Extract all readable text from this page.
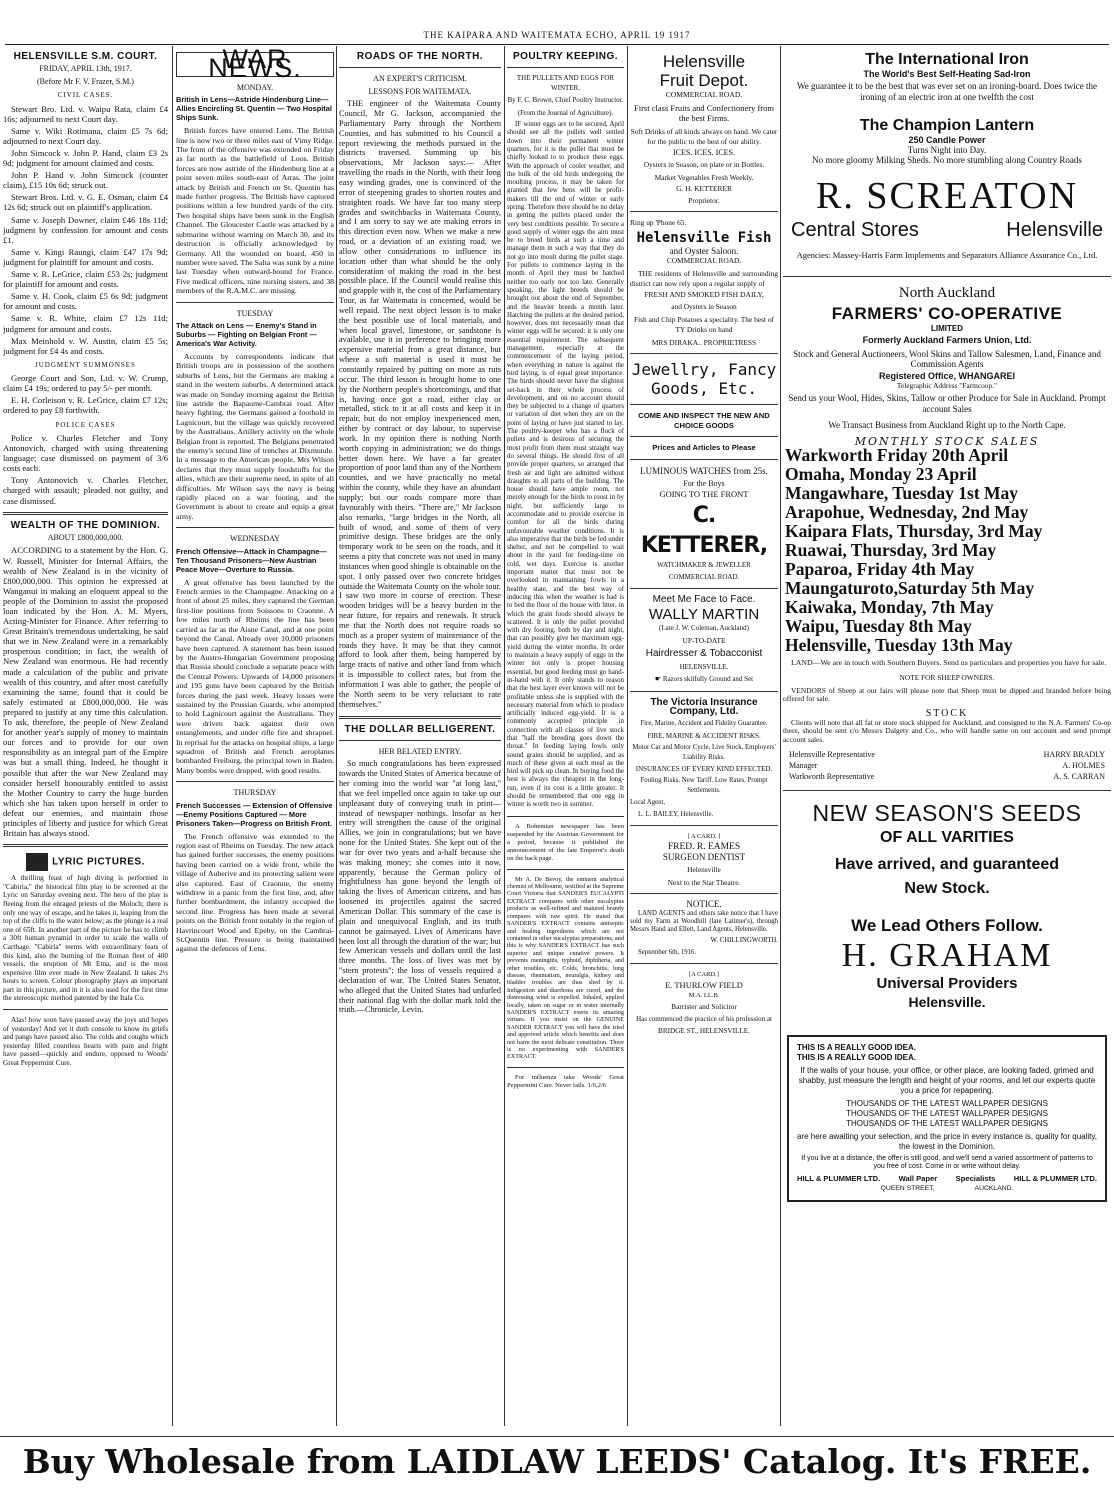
THE KAIPARA AND WAITEMATA ECHO, APRIL 19 1917
HELENSVILLE S.M. COURT.
FRIDAY, APRIL 13th, 1917.
(Before Mr F. V. Frazer, S.M.)
CIVIL CASES.

Stewart Bro. Ltd. v. Waipu Rata, claim £4 16s; adjourned to next Court day.

Same v. Wiki Rotimana, claim £5 7s 6d; adjourned to next Court day.

John Simcock v. John P. Hand, claim £3 2s 9d; judgment for amount claimed and costs.

John P. Hand v. John Simcock (counter claim), £15 10s 6d; struck out.

Stewart Bros. Ltd. v. G. E. Osman, claim £4 12s 6d; struck out on plaintiff's application.

Same v. Joseph Downer, claim £46 18s 11d; judgment by confession for amount and costs £1.

Same v. Kingi Raungi, claim £47 17s 9d; judgment for plaintiff for amount and costs.

Same v. R. LeGrice, claim £53 2s; judgment for plaintiff for amount and costs.

Same v. H. Cook, claim £5 6s 9d; judgment for amount and costs.

Same v. R. White, claim £7 12s 11d; judgment for amount and costs.

Max Meinhold v. W. Austin, claim £5 5s; judgment for £4 4s and costs.

JUDGMENT SUMMONSES

George Court and Son, Ltd. v. W. Crump, claim £4 19s; ordered to pay 5/- per month.

E. H. Corleison v. R. LeGrice, claim £7 12s; ordered to pay £8 forthwith.

POLICE CASES

Police v. Charles Fletcher and Tony Antonovich, charged with using threatening language; case dismissed on payment of 3/6 costs each.

Tony Antonovich v. Charles Fletcher, charged with assault; pleaded not guilty, and case dismissed.

WEALTH OF THE DOMINION.
ABOUT £800,000,000.

ACCORDING to a statement by the Hon. G. W. Russell, Minister for Internal Affairs, the wealth of New Zealand is in the vicinity of £800,000,000. This opinion he expressed at Wanganui in making an eloquent appeal to the people of the Dominion to assist the proposed loan indicated by the Hon. A. M. Myers, Acting-Minister for Finance. After referring to Great Britain's tremendous undertaking, he said that we in New Zealand were in a remarkably prosperous condition; in fact, the wealth of New Zealand was enormous. He had recently made a calculation of the public and private wealth of this country, and after most carefully examining the same, found that it could be safely estimated at £800,000,000. He was prepared to justify at any time this calculation. To ask, therefore, the people of New Zealand for another year's supply of money to maintain our forces and to provide for our own responsibility as an integral part of the Empire was but a small thing. Indeed, he thought it possible that after the war New Zealand may consider herself honourably entitled to assist the Mother Country to carry the huge burden which she has taken upon herself in order to defeat our enemies, and maintain those principles of liberty and justice for which Great Britain has always stood.

LYRIC PICTURES.

A thrilling feast of high diving is performed in "Cabiria," the historical film play to be screened at the Lyric on Saturday evening next. The hero of the play is fleeing from the enraged priests of the Moloch; there is only one way of escape, and he takes it, leaping from the top of the cliffs to the water below; as the plunge is a real one of 65ft. In another part of the picture he has to climb a 30ft human pyramid in order to scale the walls of Carthage. "Cabiria" teems with extraordinary feats of this kind, also the burning of the Roman fleet of 400 vessels, the eruption of Mt Etna, and is the most expensive film ever made in New Zealand. It takes 2½ hours to screen. Colour photography plays an important part in this picture, and in it is also used for the first time the stereoscopic method patented by the Itala Co.

Alas! how soon have passed away the joys and hopes of yesterday! And yet it doth console to know its griefs and pangs have passed also. The colds and coughs which yesterday filled countless hearts with pain and fright have passed—quickly and endure, opposed to Woods' Great Peppermint Cure.

WAR NEWS.
MONDAY.
British in Lens—Astride Hindenburg Line—Allies Encircling St. Quentin — Two Hospital Ships Sunk.

British forces have entered Lens. The British line is now two or three miles east of Vimy Ridge. The front of the offensive was extended on Friday as far north as the battlefield of Loos. British forces are now astride of the Hindenburg line at a point seven miles south-east of Arras. The joint attack by British and French on St. Quentin has made further progress. The British have captured positions within a few hundred yards of the city. Two hospital ships have been sunk in the English Channel. The Gloucester Castle was attacked by a submarine without warning on March 30, and its destruction is officially acknowledged by Germany. All the wounded on board, 450 in number were saved. The Salta was sunk by a mine last Tuesday when outward-bound for France. Five medical officers, nine nursing sisters, and 38 members of the R.A.M.C. are missing.

TUESDAY
The Attack on Lens — Enemy's Stand in Suburbs — Fighting on Belgian Front — America's War Activity.

Accounts by correspondents indicate that British troops are in possession of the southern suburbs of Lens, but the Germans are making a stand in the western suburbs. A determined attack was made on Sunday morning against the British line astride the Bapaume-Cambrai road. After heavy fighting, the Germans gained a foothold in Lagnicourt, but the village was quickly recovered by the Australians. Artillery activity on the whole Belgian front is reported. The Belgians penetrated the enemy's second line of trenches at Dixmunde. In a message to the American people, Mrs Wilson declares that they must supply foodstuffs for the allies, which are their supreme need, in spite of all difficulties. Mr Wilson says the navy is being rapidly placed on a war footing, and the Government is about to create and equip a great army.

WEDNESDAY
French Offensive—Attack in Champagne—Ten Thousand Prisoners—New Austrian Peace Move—Overture to Russia.

A great offensive has been launched by the French armies in the Champagne. Attacking on a front of about 25 miles, they captured the German first-line positions from Soissons to Craonne. A few miles north of Rheims the line has been carried as far as the Aisne Canal, and at one point beyond the Canal. Already over 10,000 prisoners have been captured. A statement has been issued by the Austro-Hungarian Government proposing that Russia should conclude a separate peace with the Central Powers. Upwards of 14,000 prisoners and 195 guns have been captured by the British forces during the past week. Heavy losses were sustained by the Prussian Guards, who attempted to hold Lagnicourt against the Australians. They were driven back against their own entanglements, and under rifle fire and shrapnel. In reprisal for the attacks on hospital ships, a large squadron of British and French aeroplanes bombarded Freiburg, the principal town in Baden. Many bombs were dropped, with good results.

THURSDAY
French Successes — Extension of Offensive—Enemy Positions Captured — More Prisoners Taken—Progress on British Front.

The French offensive was extended to the region east of Rheims on Tuesday. The new attack has gained further successes, the enemy positions having been carried on a wide front, while the village of Auberive and its protecting salient were also captured. East of Craonne, the enemy withdrew in a panic from the first line, and, after further bombardment, the infantry occupied the second line. Progress has been made at several points on the British front notably in the region of Havrincourt Wood and Epehy, on the Cambrai-St.Quentin line. Pressure is being maintained against the defences of Lens.

ROADS OF THE NORTH.
AN EXPERT'S CRITICISM.
LESSONS FOR WAITEMATA.

THE engineer of the Waitemata County Council, Mr G. Jackson, accompanied the Parliamentary Party through the Northern Counties, and has submitted to his Council a report reviewing the methods pursued in the districts traversed. Summing up his observations, Mr Jackson says:— After travelling the roads in the North, with their long easy winding grades, one is convinced of the error of steepening grades to shorten routes and straighten roads. We have far too many steep grades and switchbacks in Waitemata County, and I am sorry to say we are making errors in this direction even now. When we make a new road, or a deviation of an existing road, we allow other considerations to influence its location other than what should be the only consideration of making the road in the best possible place. If the Council would realise this and grapple with it, the cost of the Parliamentary Tour, as far Waitemata is concerned, would be well repaid. The next object lesson is to make the best possible use of local materials, and when local gravel, limestone, or sandstone is available, use it in preference to bringing more expensive material from a great distance, but where a soft material is used it must be constantly repaired by putting on more as ruts occur. The third lesson is brought home to one by the Northern people's shortcomings, and that is, having once got a road, either clay or metalled, stick to it at all costs and keep it in repair, but do not employ inexperienced men, either by contract or day labour, to supervise work. In my opinion there is nothing North worth copying in administration; we do things better down here. We have a far greater proportion of poor land than any of the Northern counties, and we have practically no metal within the county, while they have an abundant supply; but our roads compare more than favourably with theirs. "There are," Mr Jackson also remarks, "large bridges in the North, all built of wood, and some of them of very primitive design. These bridges are the only temporary work to be seen on the roads, and it seems a pity that concrete was not used in many instances when good shingle is obtainable on the spot. I only passed over two concrete bridges outside the Waitemata County on the whole tour. I saw two more in course of erection. These wooden bridges will be a heavy burden in the near future, for repairs and renewals. It struck me that the North does not require roads so much as a proper system of maintenance of the roads they have. It may be that they cannot afford to look after them, being hampered by large tracts of native and other land from which it is impossible to collect rates, but from the information I was able to gather, the people of the North seem to be very reluctant to rate themselves."

THE DOLLAR BELLIGERENT.
HER BELATED ENTRY.

So much congratulations has been expressed towards the United States of America because of her coming into the world war "at long last," that we feel impelled once again to take up our unpleasant duty of conveying truth in print—instead of newspaper nothings. Insofar as her entry will strengthen the cause of the original Allies, we join in congratulations; but we have none for the United States. She kept out of the war for over two years and a-half because she was making money; she comes into it now, apparently, because the German policy of frightfulness has gone beyond the length of taking the lives of American citizens, and has loosened its projectiles against the sacred American Dollar. This summary of the case is plain and unequivocal English, and its truth cannot be gainsayed. Lives of Americans have been lost all through the duration of the war; but few American vessels and dollars until the last three months. The loss of lives was met by "stern protests"; the loss of vessels required a declaration of war. The United States Senator, who alleged that the United States had unfurled their national flag with the dollar mark told the truth.—Chronicle, Levin.

POULTRY KEEPING.
THE PULLETS AND EGGS FOR WINTER.
By F. C. Brown, Chief Poultry Instructor.
(From the Journal of Agriculture).

IF winter eggs are to be secured, April should see all the pullets well settled down into their permanent winter quarters, for it is the pullet that must be chiefly looked to to produce these eggs. With the approach of cooler weather, and the bulk of the old birds undergoing the moulting process, it may be taken for granted that few hens will be profit-makers till the end of winter or early spring. Therefore there should be no delay in getting the pullets placed under the very best conditions possible. To secure a good supply of winter eggs the aim must be to breed birds at such a time and manage them in such a way that they do not go into moult during the pullet stage. For pullets to commence laying in the month of April they must be hatched neither too early nor too late. Generally speaking, the light breeds should be brought out about the end of September, and the heavier breeds a month later. Hatching the pullets at the desired period, however, does not necessarily mean that winter eggs will be secured: it is only one essential requirement. The subsequent management, especially at the commencement of the laying period, when everything in nature is against the bird laying, is of equal great importance. The birds should never have the slightest set-back in their whole process of development, and on no account should they be subjected to a change of quarters or variation of diet when they are on the point of laying or have just started to lay. The poultry-keeper who has a flock of pullets and is desirous of securing the most profit from them must straight way do several things. He should first of all provide proper quarters, so arranged that fresh air and light are admitted without draughts to all parts of the building. The house should have ample room, not merely enough for the birds to roost in by night, but sufficiently large to accommodate and to provide exercise in comfort for all the birds during unfavourable weather conditions. It is also imperative that the birds be fed under shelter, and not be compelled to wait about in the yard for feeding-time on cold, wet days. Exercise is another important matter that must not be overlooked in maintaining fowls in a healthy state, and the best way of inducing this when the weather is bad is to bed the floor of the house with litter, in which the grain foods should always be scattered. It is only the pullet provided with dry footing, both by day and night, that can possibly give her maximum egg-yield during the winter months. In order to maintain a heavy supply of eggs in the winter not only is proper housing essential, but good feeding must go hand-in-hand with it. It only stands to reason that the best layer ever known will not be profitable unless she is supplied with the necessary material from which to produce artificially induced egg-yield. It is a commonly accepted principle in connection with all classes of live stock that "half the breeding goes down the throat." In feeding laying fowls only sound grains should be supplied, and as much of these given at each meal as the bird will pick up clean. In buying food the best is always the cheapest in the long-run, even if its cost is a little greater. It should be remembered that one egg in winter is worth two in summer.

A Bohemian newspaper has been suspended by the Austrian Government for a period, because it published the announcement of the late Emperor's death on the back page.

Mr A. De Bevoy, the eminent analytical chemist of Melbourne, testified at the Supreme Court Victoria that SANDER'S EUCALYPTI EXTRACT compares with other eucalyptus products as well-refined and matured brandy compares with raw spirit. He stated that SANDER'S EXTRACT contains antiseptic and healing ingredients which are not contained in other eucalyptus preparations, and this is why SANDER'S EXTRACT has such superior and unique curative powers. It prevents meningitis, typhoid, diphtheria, and other troubles, etc. Colds, bronchitis, lung disease, rheumatism, neuralgia, kidney and bladder troubles are thus shed by it. Indigestion and diarrhoea are cured, and the distressing wind is expelled. Inhaled, applied locally, taken on sugar or in water internally SANDER'S EXTRACT exerts its amazing virtues. If you insist on the GENUINE SANDER EXTRACT you will have the tried and approved article which benefits and does not harm the most delicate constitution. There is no experimenting with SANDER'S EXTRACT.

For influenza take Woods' Great Peppermint Cure. Never fails. 1/6,2/6

Helensville
Fruit Depot.
COMMERCIAL ROAD.

First class Fruits and Confectionery from the best Firms.

Soft Drinks of all kinds always on hand. We cater for the public to the best of our ability.

ICES. ICES. ICES.

Oysters in Season, on plate or in Bottles.

Market Vegetables Fresh Weekly.

G. H. KETTERER

Proprietor.

Ring up 'Phone 65.

Helensville Fish
and Oyster Saloon.
COMMERCIAL ROAD.

THE residents of Helensville and surrounding district can now rely upon a regular supply of

FRESH AND SMOKED FISH DAILY,

and Oysters in Season

Fish and Chip Potatoes a speciality. The best of TY Drinks on hand

MRS DIRAKA.. PROPRIETRESS

Jewellry, Fancy
Goods, Etc.

COME AND INSPECT THE NEW AND CHOICE GOODS

Prices and Articles to Please

LUMINOUS WATCHES from 25s.

For the Boys

GOING TO THE FRONT

C. KETTERER,

WATCHMAKER & JEWELLER

COMMERCIAL ROAD.

Meet Me Face to Face.
WALLY MARTIN

(Late J. W. Coleman, Auckland)

UP-TO-DATE

Hairdresser & Tobacconist

HELENSVILLE.

☛ Razors skilfully Ground and Set

The Victoria Insurance
Company, Ltd.

Fire, Marine, Accident and Fidelity Guarantee.

FIRE, MARINE & ACCIDENT RISKS.

Motor Car and Motor Cycle, Live Stock, Employers' Liability Risks.

INSURANCES OF EVERY KIND EFFECTED.

Fouling Risks. New Tariff. Low Rates. Prompt Settlements.

Local Agent,

L. L. BAILEY, Helensville.

[ A CARD. ]

FRED. R. EAMES
SURGEON DENTIST

Helensville

Next to the Star Theatre.

NOTICE.

LAND AGENTS and others take notice that I have sold my Farm at Woodhill (late Latimer's), through Messrs Hand and Ellett, Land Agents, Helensville.

W. CHILLINGWORTH.

September 6th, 1916.

[A CARD.]

E. THURLOW FIELD

M.A. LL.B.

Barrister and Solicitor

Has commenced the practice of his profession at

BRIDGE ST., HELENSVILLE.

The International Iron
The World's Best Self-Heating Sad-Iron

We guarantee it to be the best that was ever set on an ironing-board. Does twice the ironing of an electric iron at one twelfth the cost

The Champion Lantern
250 Candle Power
Turns Night into Day.

No more gloomy Milking Sheds. No more stumbling along Country Roads

R. SCREATON
Central Stores	Helensville

Agencies: Massey-Harris Farm Implements and Separators Alliance Assurance Co., Ltd.

North Auckland
FARMERS' CO-OPERATIVE
LIMITED
Formerly Auckland Farmers Union, Ltd.

Stock and General Auctioneers, Wool Skins and Tallow Salesmen, Land, Finance and Commission Agents

Registered Office, WHANGAREI

Telegraphic Address "Farmcoop."

Send us your Wool, Hides, Skins, Tallow or other Produce for Sale in Auckland. Prompt account Sales

We Transact Business from Auckland Right up to the North Cape.

MONTHLY STOCK SALES
Warkworth Friday 20th April
Omaha, Monday 23 April
Mangawhare, Tuesday 1st May
Arapohue, Wednesday, 2nd May
Kaipara Flats, Thursday, 3rd May
Ruawai, Thursday, 3rd May
Paparoa, Friday 4th May
Maungaturoto,Saturday 5th May
Kaiwaka, Monday, 7th May
Waipu, Tuesday 8th May
Helensville, Tuesday 13th May

LAND—We are in touch with Southern Buyers. Send us particulars and properties you have for sale.

NOTE FOR SHEEP OWNERS.

VENDORS of Sheep at our fairs will please note that Sheep must be dipped and branded before being offered for sale.

STOCK

Clients will note that all fat or store stock shipped for Auckland, and consigned to the N.A. Farmers' Co-op there, should be sent c/o Messrs Dalgety and Co., who will handle same on our account and send prompt account sales.

Helensville Representative	HARRY BRADLY
Manager	A. HOLMES
Warkworth Representative	A. S. CARRAN
NEW SEASON'S SEEDS
OF ALL VARITIES
Have arrived, and guaranteed
New Stock.
We Lead Others Follow.
H. GRAHAM
Universal Providers
Helensville.
THIS IS A REALLY GOOD IDEA.
THIS IS A REALLY GOOD IDEA.
If the walls of your house, your office, or other place, are looking faded, grimed and shabby, just measure the length and height of your rooms, and let our experts quote you a price for repapering.
THOUSANDS OF THE LATEST WALLPAPER DESIGNS
THOUSANDS OF THE LATEST WALLPAPER DESIGNS
THOUSANDS OF THE LATEST WALLPAPER DESIGNS
are here awaiting your selection, and the price in every instance is, quality for quality, the lowest in the Dominion.
If you live at a distance, the offer is still good, and we'll send a varied assortment of patterns to you free of cost. Come in or write without delay.
HILL & PLUMMER LTD. Wall Paper Specialists HILL & PLUMMER LTD.
QUEEN STREET,	AUCKLAND.
Buy Wholesale from LAIDLAW LEEDS' Catalog. It's FREE.
